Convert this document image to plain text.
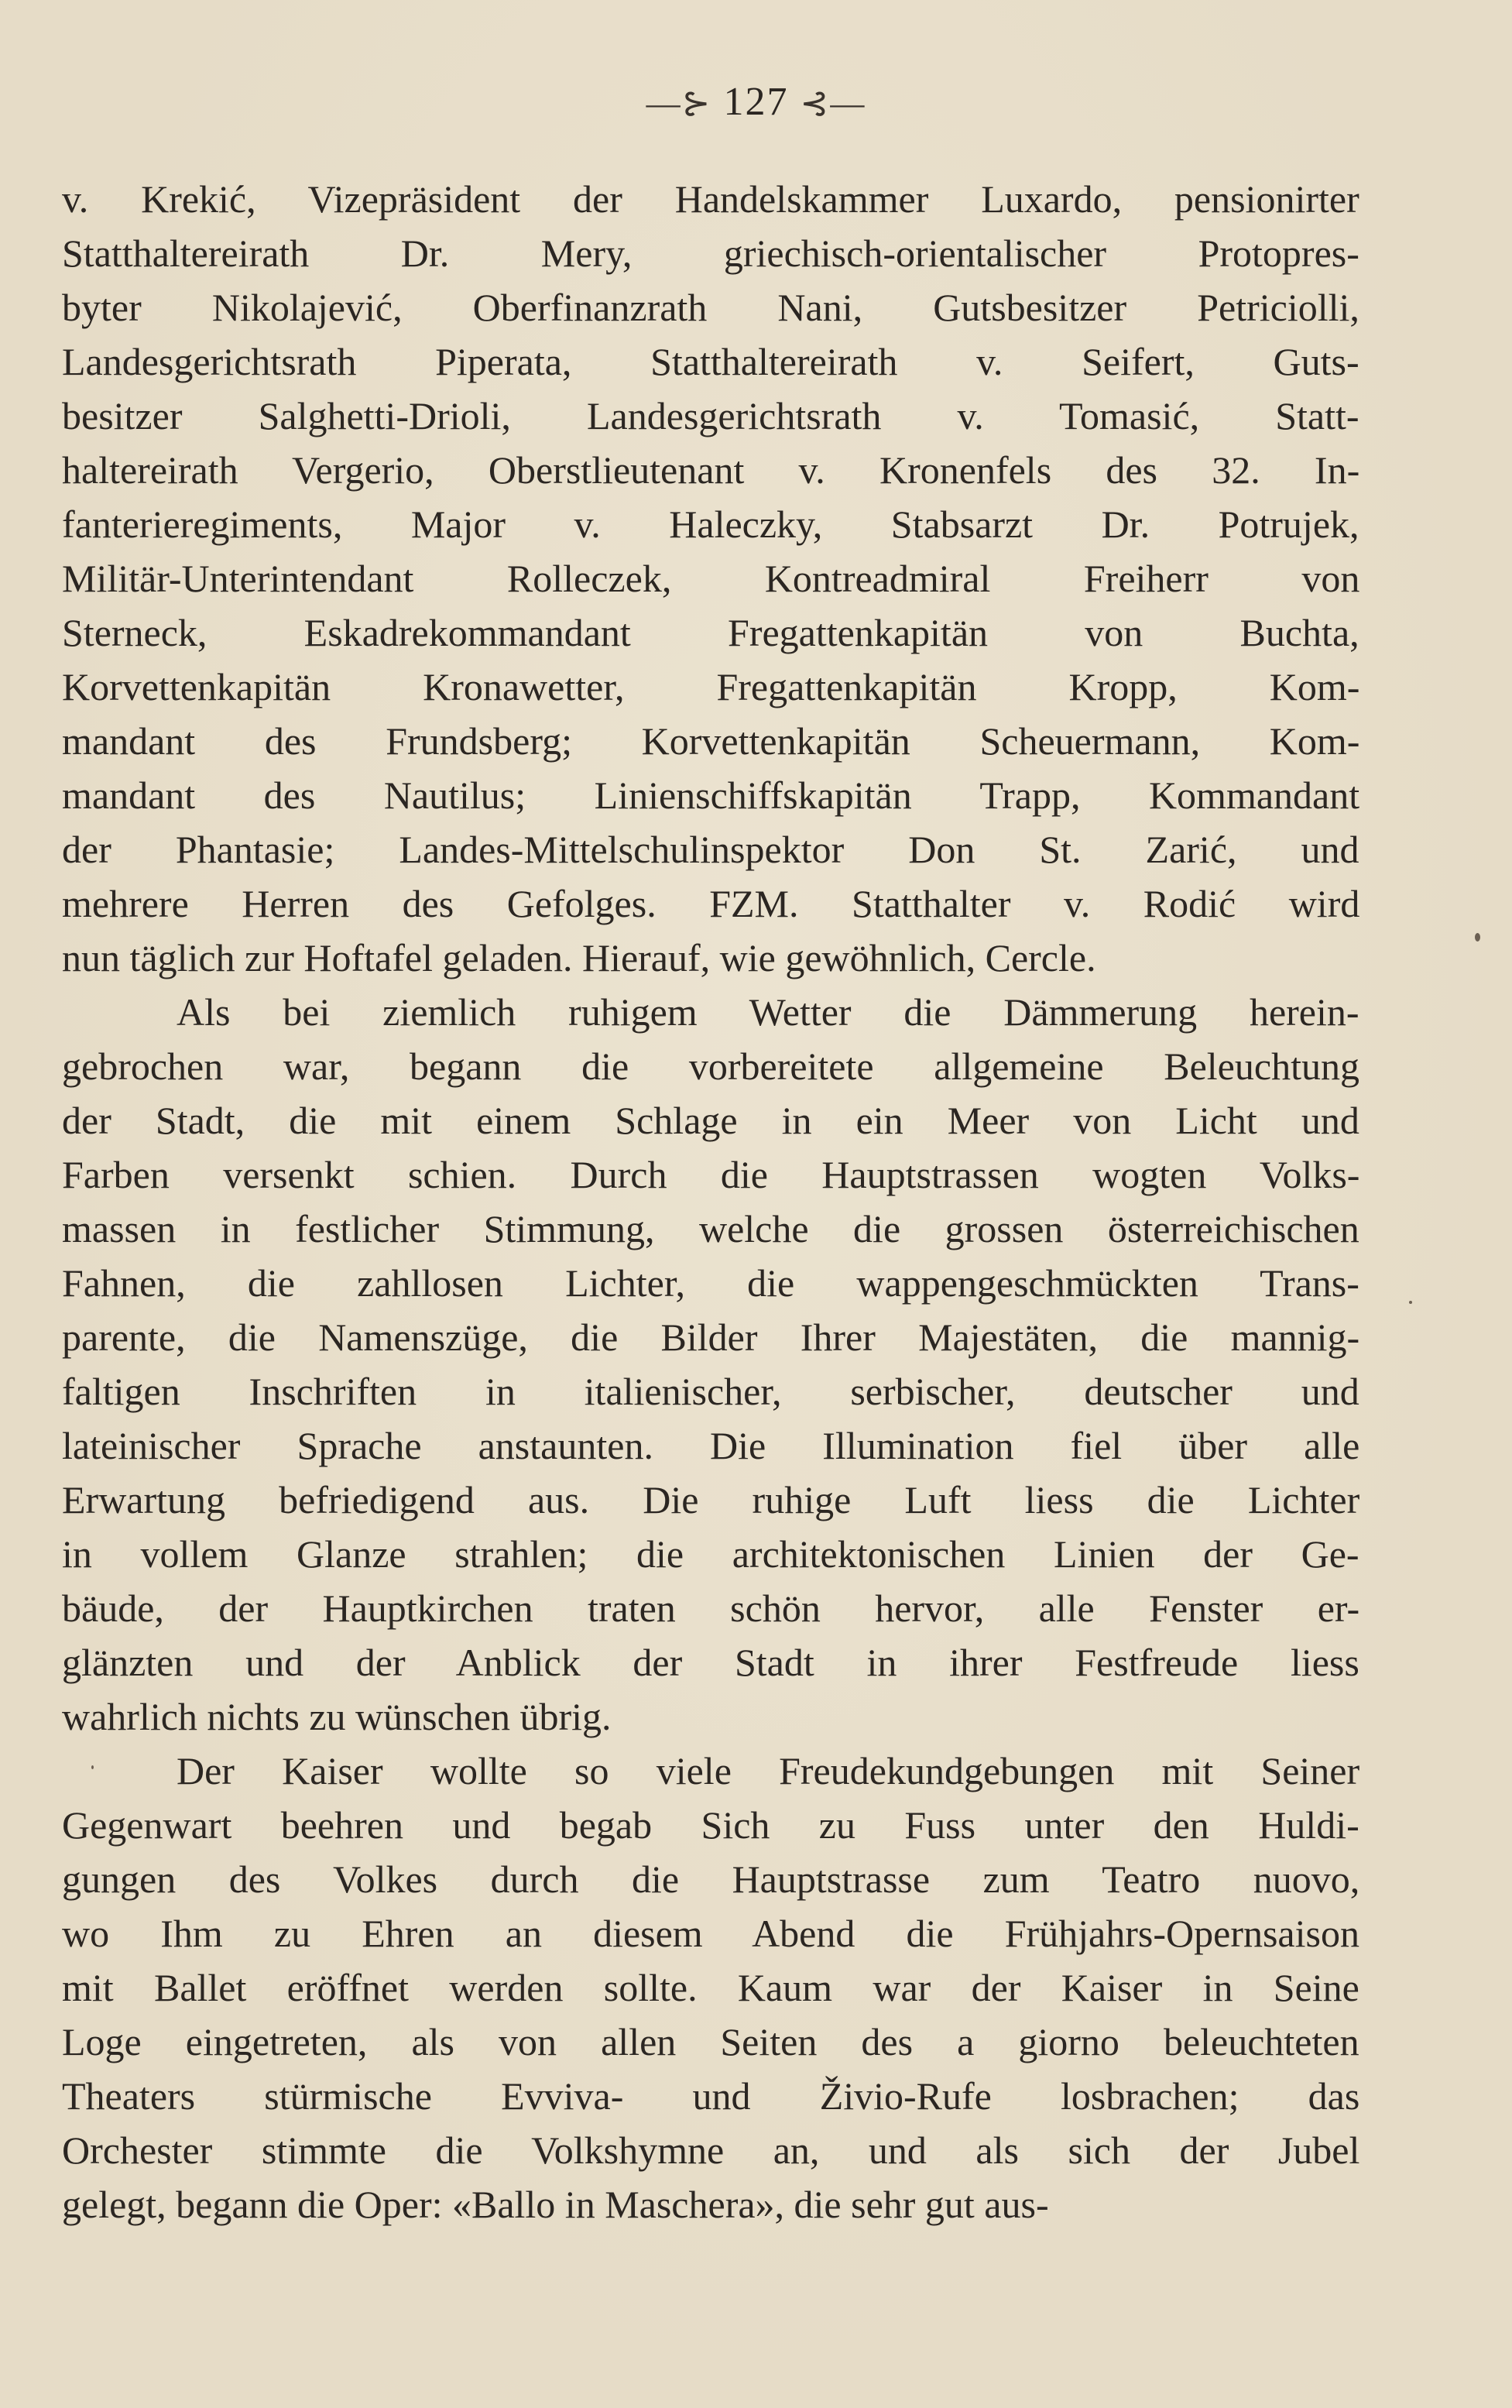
—⊱ 127 ⊰—
v. Krekić, Vizepräsident der Handelskammer Luxardo, pensionirter
Statthaltereirath Dr. Mery, griechisch-orientalischer Protopres-
byter Nikolajević, Oberfinanzrath Nani, Gutsbesitzer Petriciolli,
Landesgerichtsrath Piperata, Statthaltereirath v. Seifert, Guts-
besitzer Salghetti-Drioli, Landesgerichtsrath v. Tomasić, Statt-
haltereirath Vergerio, Oberstlieutenant v. Kronenfels des 32. In-
fanterieregiments, Major v. Haleczky, Stabsarzt Dr. Potrujek,
Militär-Unterintendant Rolleczek, Kontreadmiral Freiherr von
Sterneck, Eskadrekommandant Fregattenkapitän von Buchta,
Korvettenkapitän Kronawetter, Fregattenkapitän Kropp, Kom-
mandant des Frundsberg; Korvettenkapitän Scheuermann, Kom-
mandant des Nautilus; Linienschiffskapitän Trapp, Kommandant
der Phantasie; Landes-Mittelschulinspektor Don St. Zarić, und
mehrere Herren des Gefolges. FZM. Statthalter v. Rodić wird
nun täglich zur Hoftafel geladen. Hierauf, wie gewöhnlich, Cercle.
Als bei ziemlich ruhigem Wetter die Dämmerung herein-
gebrochen war, begann die vorbereitete allgemeine Beleuchtung
der Stadt, die mit einem Schlage in ein Meer von Licht und
Farben versenkt schien. Durch die Hauptstrassen wogten Volks-
massen in festlicher Stimmung, welche die grossen österreichischen
Fahnen, die zahllosen Lichter, die wappengeschmückten Trans-
parente, die Namenszüge, die Bilder Ihrer Majestäten, die mannig-
faltigen Inschriften in italienischer, serbischer, deutscher und
lateinischer Sprache anstaunten. Die Illumination fiel über alle
Erwartung befriedigend aus. Die ruhige Luft liess die Lichter
in vollem Glanze strahlen; die architektonischen Linien der Ge-
bäude, der Hauptkirchen traten schön hervor, alle Fenster er-
glänzten und der Anblick der Stadt in ihrer Festfreude liess
wahrlich nichts zu wünschen übrig.
Der Kaiser wollte so viele Freudekundgebungen mit Seiner
Gegenwart beehren und begab Sich zu Fuss unter den Huldi-
gungen des Volkes durch die Hauptstrasse zum Teatro nuovo,
wo Ihm zu Ehren an diesem Abend die Frühjahrs-Opernsaison
mit Ballet eröffnet werden sollte. Kaum war der Kaiser in Seine
Loge eingetreten, als von allen Seiten des a giorno beleuchteten
Theaters stürmische Evviva- und Živio-Rufe losbrachen; das
Orchester stimmte die Volkshymne an, und als sich der Jubel
gelegt, begann die Oper: «Ballo in Maschera», die sehr gut aus-
